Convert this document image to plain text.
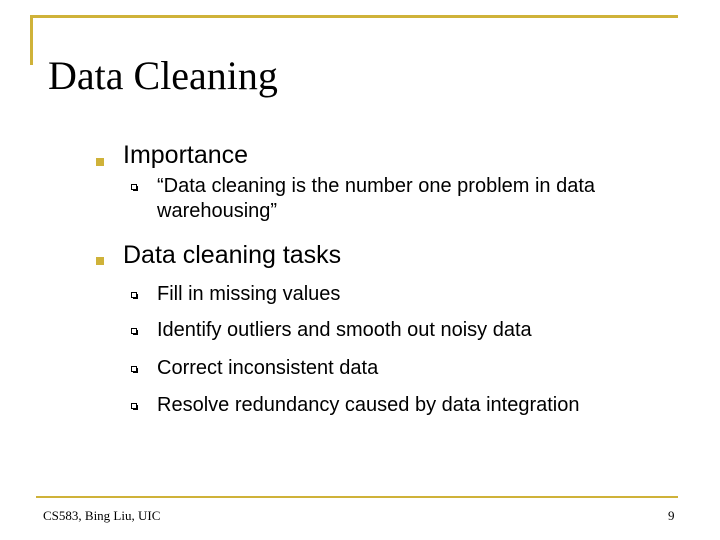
Data Cleaning
Importance
“Data cleaning is the number one problem in data warehousing”
Data cleaning tasks
Fill in missing values
Identify outliers and smooth out noisy data
Correct inconsistent data
Resolve redundancy caused by data integration
CS583, Bing Liu, UIC	9
